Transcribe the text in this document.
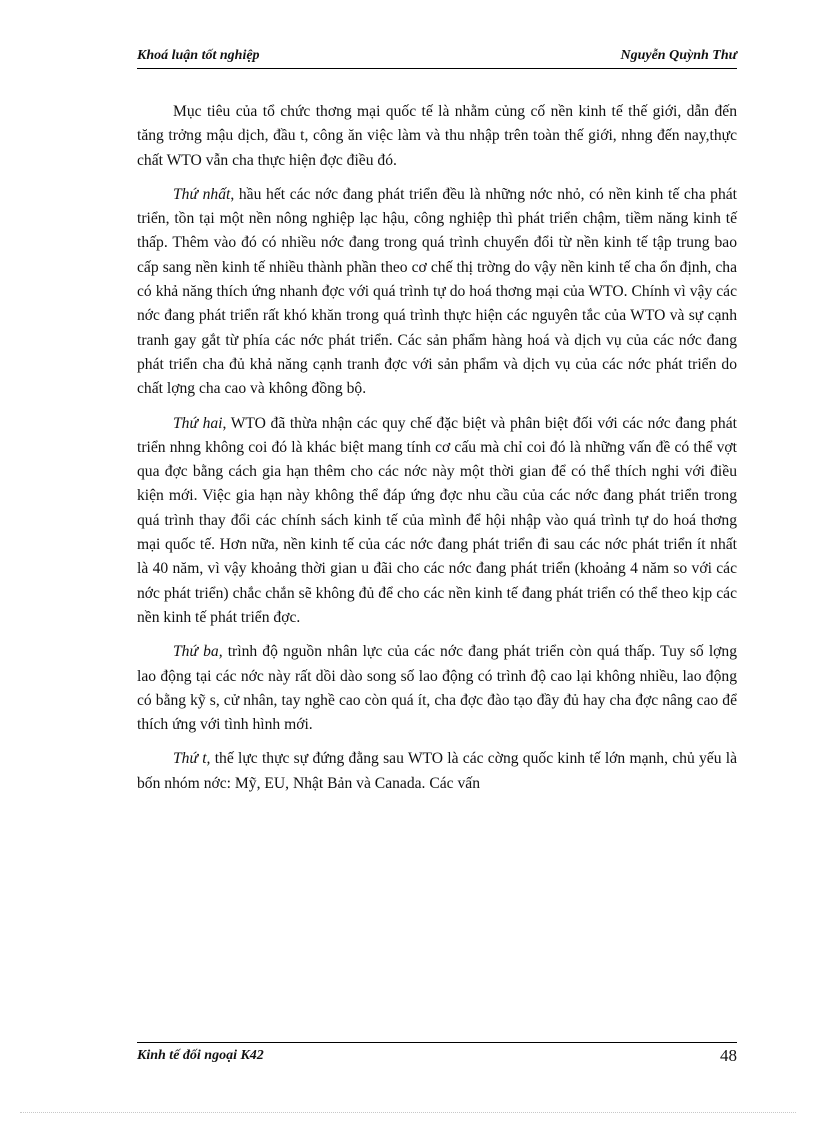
Khoá luận tốt nghiệp	Nguyễn Quỳnh Thư

Mục tiêu của tổ chức thơng mại quốc tế là nhằm củng cố nền kinh tế thế giới, dẫn đến tăng trởng mậu dịch, đầu t, công ăn việc làm và thu nhập trên toàn thế giới, nhng đến nay,thực chất WTO vẫn cha thực hiện đợc điều đó.

Thứ nhất, hầu hết các nớc đang phát triển đều là những nớc nhỏ, có nền kinh tế cha phát triển, tồn tại một nền nông nghiệp lạc hậu, công nghiệp thì phát triển chậm, tiềm năng kinh tế thấp. Thêm vào đó có nhiều nớc đang trong quá trình chuyển đổi từ nền kinh tế tập trung bao cấp sang nền kinh tế nhiều thành phần theo cơ chế thị trờng do vậy nền kinh tế cha ổn định, cha có khả năng thích ứng nhanh đợc với quá trình tự do hoá thơng mại của WTO. Chính vì vậy các nớc đang phát triển rất khó khăn trong quá trình thực hiện các nguyên tắc của WTO và sự cạnh tranh gay gắt từ phía các nớc phát triển. Các sản phẩm hàng hoá và dịch vụ của các nớc đang phát triển cha đủ khả năng cạnh tranh đợc với sản phẩm và dịch vụ của các nớc phát triển do chất lợng cha cao và không đồng bộ.

Thứ hai, WTO đã thừa nhận các quy chế đặc biệt và phân biệt đối với các nớc đang phát triển nhng không coi đó là khác biệt mang tính cơ cấu mà chỉ coi đó là những vấn đề có thể vợt qua đợc bằng cách gia hạn thêm cho các nớc này một thời gian để có thể thích nghi với điều kiện mới. Việc gia hạn này không thể đáp ứng đợc nhu cầu của các nớc đang phát triển trong quá trình thay đổi các chính sách kinh tế của mình để hội nhập vào quá trình tự do hoá thơng mại quốc tế. Hơn nữa, nền kinh tế của các nớc đang phát triển đi sau các nớc phát triển ít nhất là 40 năm, vì vậy khoảng thời gian u đãi cho các nớc đang phát triển (khoảng 4 năm so với các nớc phát triển) chắc chắn sẽ không đủ để cho các nền kinh tế đang phát triển có thể theo kịp các nền kinh tế phát triển đợc.

Thứ ba, trình độ nguồn nhân lực của các nớc đang phát triển còn quá thấp. Tuy số lợng lao động tại các nớc này rất dồi dào song số lao động có trình độ cao lại không nhiều, lao động có bằng kỹ s, cử nhân, tay nghề cao còn quá ít, cha đợc đào tạo đầy đủ hay cha đợc nâng cao để thích ứng với tình hình mới.

Thứ t, thế lực thực sự đứng đằng sau WTO là các cờng quốc kinh tế lớn mạnh, chủ yếu là bốn nhóm nớc: Mỹ, EU, Nhật Bản và Canada. Các vấn

Kinh tế đối ngoại K42	48
